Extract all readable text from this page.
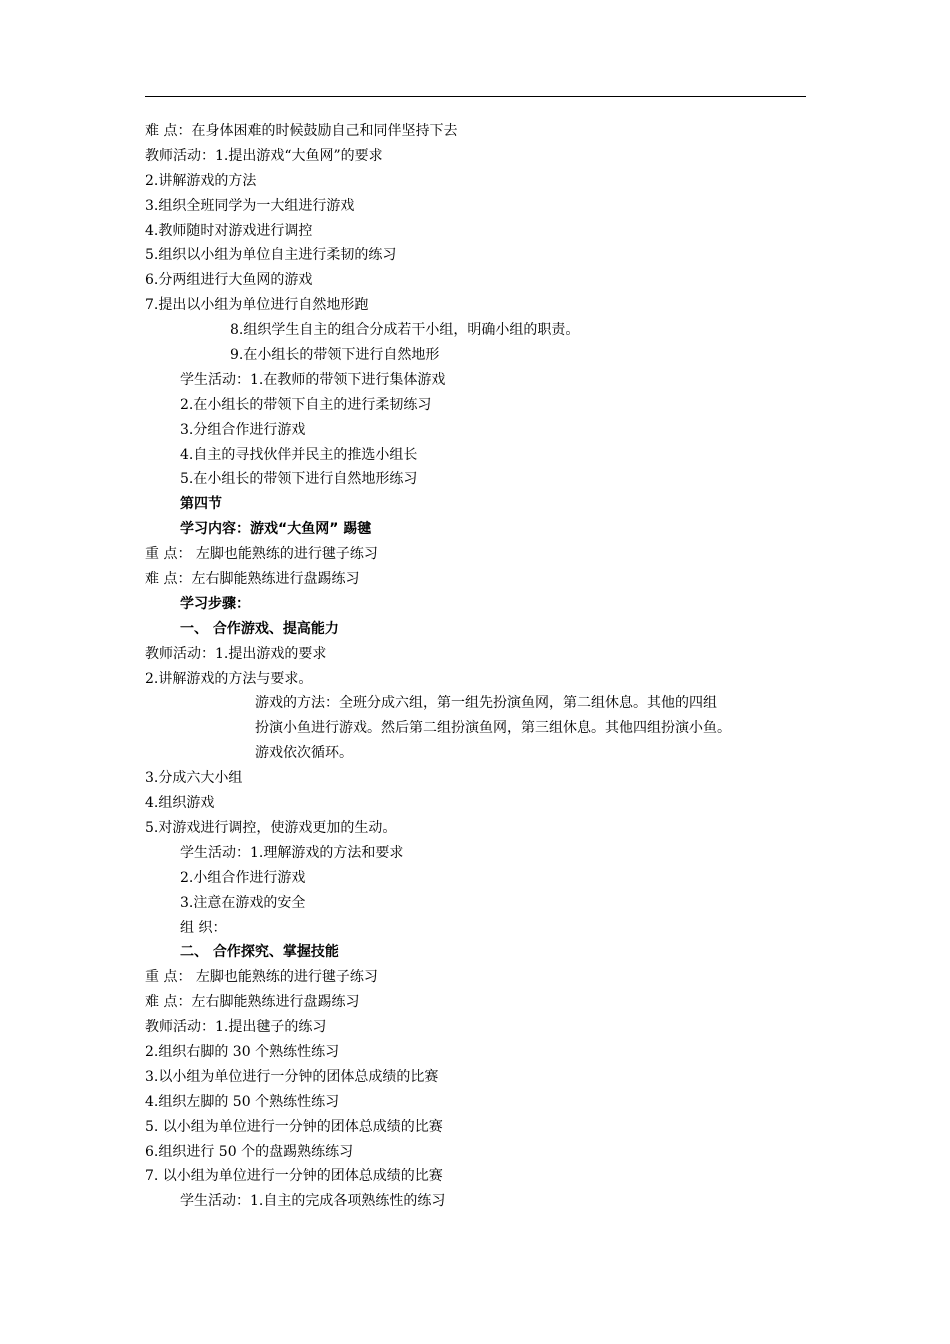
难 点：在身体困难的时候鼓励自己和同伴坚持下去
教师活动：1.提出游戏“大鱼网”的要求
2.讲解游戏的方法
3.组织全班同学为一大组进行游戏
4.教师随时对游戏进行调控
5.组织以小组为单位自主进行柔韧的练习
6.分两组进行大鱼网的游戏
7.提出以小组为单位进行自然地形跑
8.组织学生自主的组合分成若干小组，明确小组的职责。
9.在小组长的带领下进行自然地形
学生活动：1.在教师的带领下进行集体游戏
2.在小组长的带领下自主的进行柔韧练习
3.分组合作进行游戏
4.自主的寻找伙伴并民主的推选小组长
5.在小组长的带领下进行自然地形练习
第四节
学习内容：游戏“大鱼网” 踢毽
重 点： 左脚也能熟练的进行毽子练习
难 点：左右脚能熟练进行盘踢练习
学习步骤：
一、 合作游戏、提高能力
教师活动：1.提出游戏的要求
2.讲解游戏的方法与要求。
游戏的方法：全班分成六组，第一组先扮演鱼网，第二组休息。其他的四组
扮演小鱼进行游戏。然后第二组扮演鱼网，第三组休息。其他四组扮演小鱼。
游戏依次循环。
3.分成六大小组
4.组织游戏
5.对游戏进行调控，使游戏更加的生动。
学生活动：1.理解游戏的方法和要求
2.小组合作进行游戏
3.注意在游戏的安全
组 织：
二、 合作探究、掌握技能
重 点： 左脚也能熟练的进行毽子练习
难 点：左右脚能熟练进行盘踢练习
教师活动：1.提出毽子的练习
2.组织右脚的 30 个熟练性练习
3.以小组为单位进行一分钟的团体总成绩的比赛
4.组织左脚的 50 个熟练性练习
5. 以小组为单位进行一分钟的团体总成绩的比赛
6.组织进行 50 个的盘踢熟练练习
7. 以小组为单位进行一分钟的团体总成绩的比赛
学生活动：1.自主的完成各项熟练性的练习
